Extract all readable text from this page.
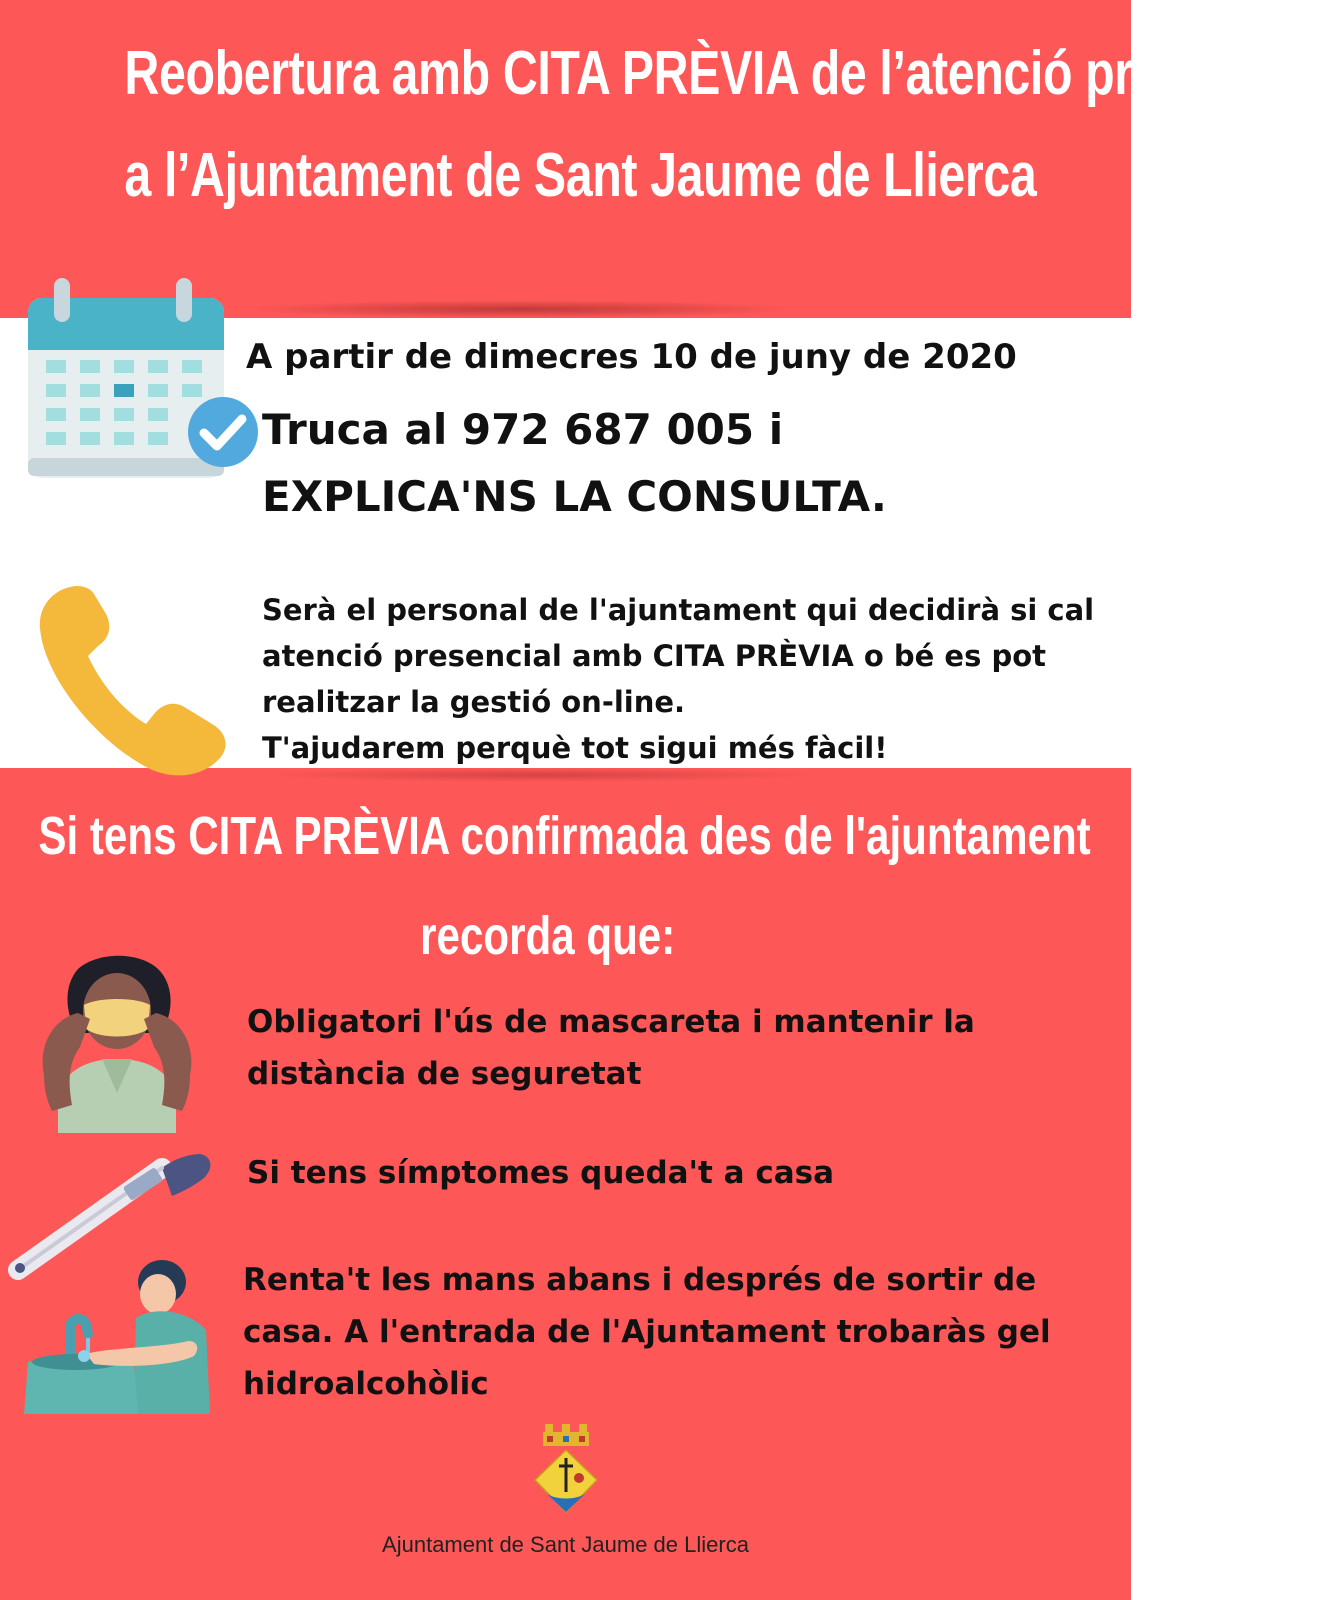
Reobertura amb CITA PRÈVIA de l’atenció presencial
a l’Ajuntament de Sant Jaume de Llierca

A partir de dimecres 10 de juny de 2020

Truca al 972 687 005 i

EXPLICA'NS LA CONSULTA.

Serà el personal de l'ajuntament qui decidirà si cal
atenció presencial amb CITA PRÈVIA o bé es pot
realitzar la gestió on-line.
T'ajudarem perquè tot sigui més fàcil!

Si tens CITA PRÈVIA confirmada des de l'ajuntament
recorda que:

Obligatori l'ús de mascareta i mantenir la
distància de seguretat

Si tens símptomes queda't a casa

Renta't les mans abans i després de sortir de
casa. A l'entrada de l'Ajuntament trobaràs gel
hidroalcohòlic

Ajuntament de Sant Jaume de Llierca
